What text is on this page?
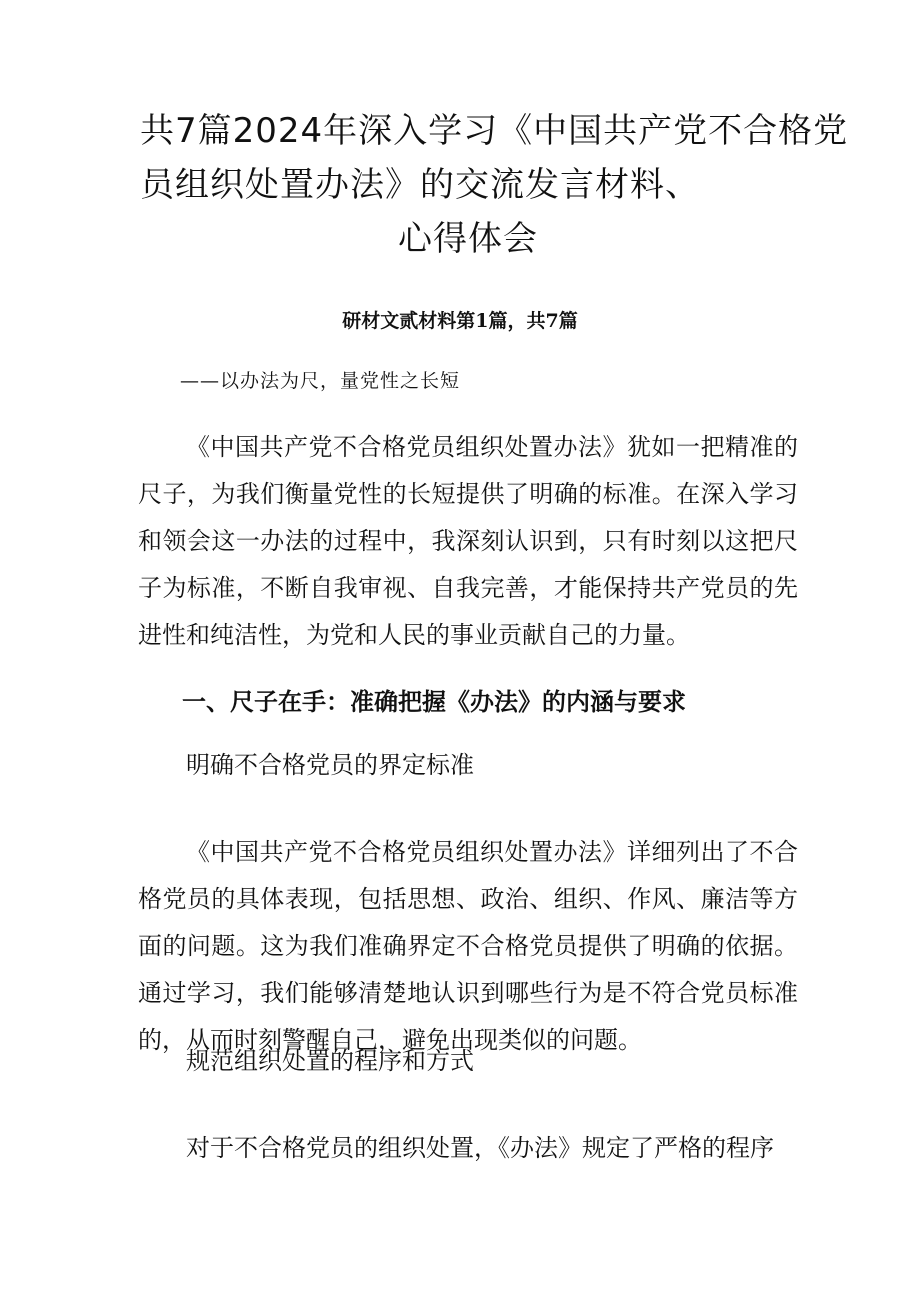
共7篇2024年深入学习《中国共产党不合格党
员组织处置办法》的交流发言材料、
心得体会
研材文贰材料第1篇，共7篇
——以办法为尺，量党性之长短

《中国共产党不合格党员组织处置办法》犹如一把精准的尺子，为我们衡量党性的长短提供了明确的标准。在深入学习和领会这一办法的过程中，我深刻认识到，只有时刻以这把尺子为标准，不断自我审视、自我完善，才能保持共产党员的先进性和纯洁性，为党和人民的事业贡献自己的力量。

一、尺子在手：准确把握《办法》的内涵与要求
明确不合格党员的界定标准

《中国共产党不合格党员组织处置办法》详细列出了不合格党员的具体表现，包括思想、政治、组织、作风、廉洁等方面的问题。这为我们准确界定不合格党员提供了明确的依据。通过学习，我们能够清楚地认识到哪些行为是不符合党员标准的，从而时刻警醒自己，避免出现类似的问题。

规范组织处置的程序和方式

对于不合格党员的组织处置，《办法》规定了严格的程序
